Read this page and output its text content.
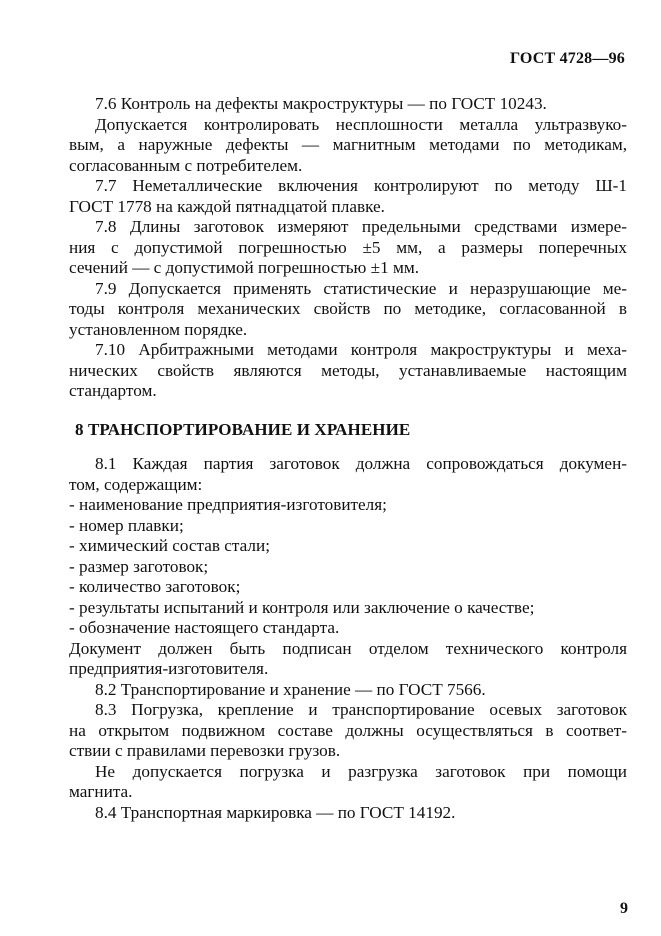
ГОСТ 4728—96
7.6 Контроль на дефекты макроструктуры — по ГОСТ 10243.
Допускается контролировать несплошности металла ультразвуко-
вым, а наружные дефекты — магнитным методами по методикам,
согласованным с потребителем.
7.7 Неметаллические включения контролируют по методу Ш-1
ГОСТ 1778 на каждой пятнадцатой плавке.
7.8 Длины заготовок измеряют предельными средствами измере-
ния с допустимой погрешностью ±5 мм, а размеры поперечных
сечений — с допустимой погрешностью ±1 мм.
7.9 Допускается применять статистические и неразрушающие ме-
тоды контроля механических свойств по методике, согласованной в
установленном порядке.
7.10 Арбитражными методами контроля макроструктуры и меха-
нических свойств являются методы, устанавливаемые настоящим
стандартом.
8 ТРАНСПОРТИРОВАНИЕ И ХРАНЕНИЕ
8.1 Каждая партия заготовок должна сопровождаться докумен-
том, содержащим:
- наименование предприятия-изготовителя;
- номер плавки;
- химический состав стали;
- размер заготовок;
- количество заготовок;
- результаты испытаний и контроля или заключение о качестве;
- обозначение настоящего стандарта.
Документ должен быть подписан отделом технического контроля
предприятия-изготовителя.
8.2 Транспортирование и хранение — по ГОСТ 7566.
8.3 Погрузка, крепление и транспортирование осевых заготовок
на открытом подвижном составе должны осуществляться в соответ-
ствии с правилами перевозки грузов.
Не допускается погрузка и разгрузка заготовок при помощи
магнита.
8.4 Транспортная маркировка — по ГОСТ 14192.
9
